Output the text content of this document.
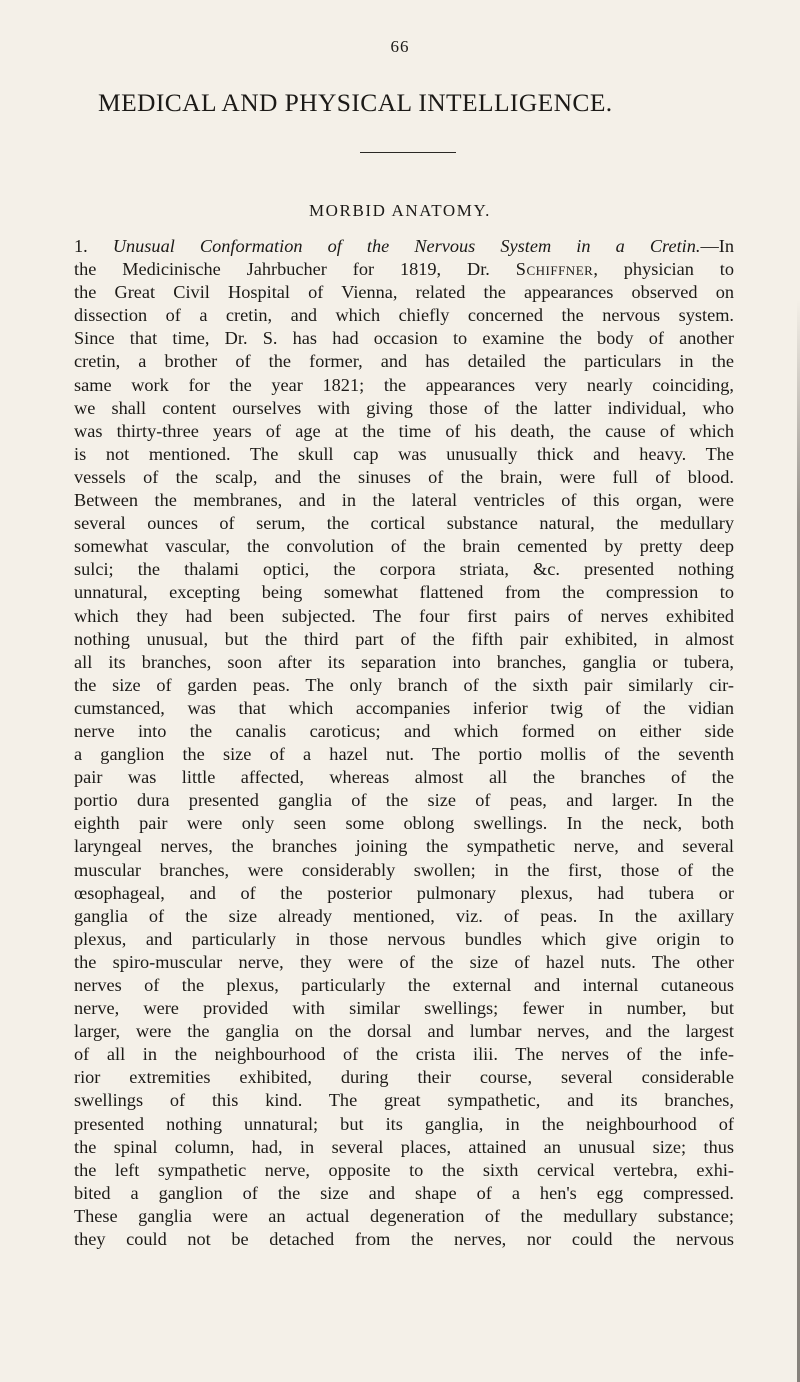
66
MEDICAL AND PHYSICAL INTELLIGENCE.
MORBID ANATOMY.
1. Unusual Conformation of the Nervous System in a Cretin.—In
the Medicinische Jahrbucher for 1819, Dr. Schiffner, physician to
the Great Civil Hospital of Vienna, related the appearances observed on
dissection of a cretin, and which chiefly concerned the nervous system.
Since that time, Dr. S. has had occasion to examine the body of another
cretin, a brother of the former, and has detailed the particulars in the
same work for the year 1821; the appearances very nearly coinciding,
we shall content ourselves with giving those of the latter individual, who
was thirty-three years of age at the time of his death, the cause of which
is not mentioned. The skull cap was unusually thick and heavy. The
vessels of the scalp, and the sinuses of the brain, were full of blood.
Between the membranes, and in the lateral ventricles of this organ, were
several ounces of serum, the cortical substance natural, the medullary
somewhat vascular, the convolution of the brain cemented by pretty deep
sulci; the thalami optici, the corpora striata, &c. presented nothing
unnatural, excepting being somewhat flattened from the compression to
which they had been subjected. The four first pairs of nerves exhibited
nothing unusual, but the third part of the fifth pair exhibited, in almost
all its branches, soon after its separation into branches, ganglia or tubera,
the size of garden peas. The only branch of the sixth pair similarly cir-
cumstanced, was that which accompanies inferior twig of the vidian
nerve into the canalis caroticus; and which formed on either side
a ganglion the size of a hazel nut. The portio mollis of the seventh
pair was little affected, whereas almost all the branches of the
portio dura presented ganglia of the size of peas, and larger. In the
eighth pair were only seen some oblong swellings. In the neck, both
laryngeal nerves, the branches joining the sympathetic nerve, and several
muscular branches, were considerably swollen; in the first, those of the
œsophageal, and of the posterior pulmonary plexus, had tubera or
ganglia of the size already mentioned, viz. of peas. In the axillary
plexus, and particularly in those nervous bundles which give origin to
the spiro-muscular nerve, they were of the size of hazel nuts. The other
nerves of the plexus, particularly the external and internal cutaneous
nerve, were provided with similar swellings; fewer in number, but
larger, were the ganglia on the dorsal and lumbar nerves, and the largest
of all in the neighbourhood of the crista ilii. The nerves of the infe-
rior extremities exhibited, during their course, several considerable
swellings of this kind. The great sympathetic, and its branches,
presented nothing unnatural; but its ganglia, in the neighbourhood of
the spinal column, had, in several places, attained an unusual size; thus
the left sympathetic nerve, opposite to the sixth cervical vertebra, exhi-
bited a ganglion of the size and shape of a hen's egg compressed.
These ganglia were an actual degeneration of the medullary substance;
they could not be detached from the nerves, nor could the nervous
